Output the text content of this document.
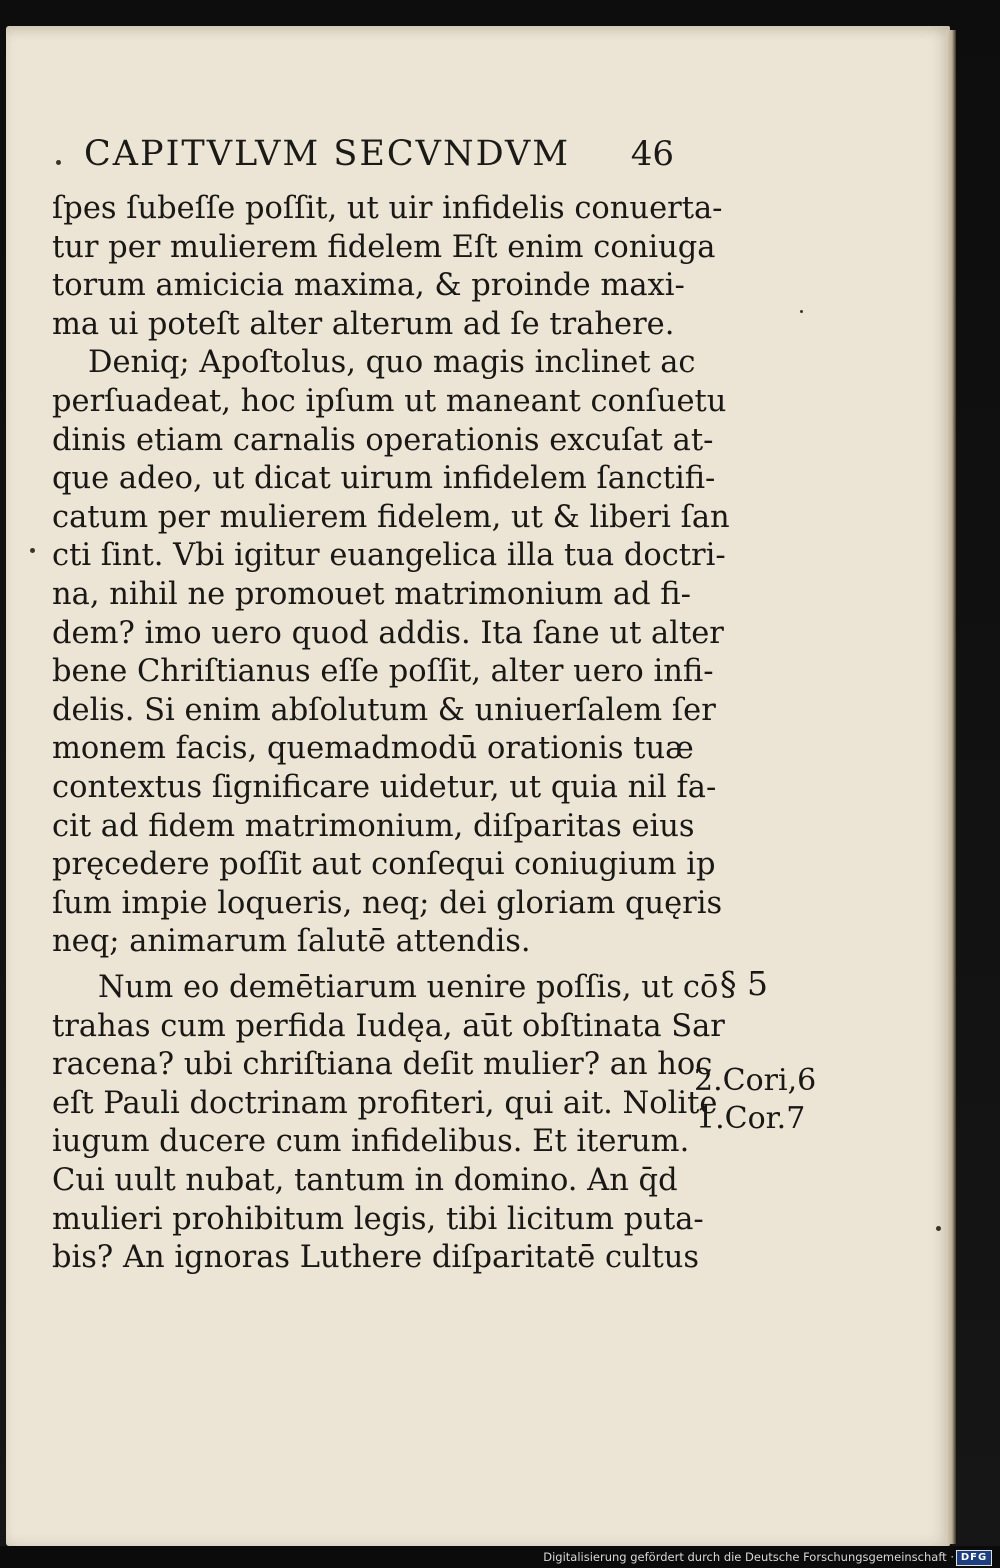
CAPITVLVM SECVNDVM 46
ſpes ſubeſſe poſſit, ut uir infidelis conuerta-
tur per mulierem fidelem Eſt enim coniuga
torum amicicia maxima, & proinde maxi-
ma ui poteſt alter alterum ad ſe trahere.
Deniq; Apoſtolus, quo magis inclinet ac
perſuadeat, hoc ipſum ut maneant conſuetu
dinis etiam carnalis operationis excuſat at-
que adeo, ut dicat uirum infidelem ſanctifi-
catum per mulierem fidelem, ut & liberi ſan
cti ſint. Vbi igitur euangelica illa tua doctri-
na, nihil ne promouet matrimonium ad fi-
dem? imo uero quod addis. Ita ſane ut alter
bene Chriſtianus eſſe poſſit, alter uero infi-
delis. Si enim abſolutum & uniuerſalem ſer
monem facis, quemadmodū orationis tuæ
contextus ſignificare uidetur, ut quia nil fa-
cit ad fidem matrimonium, diſparitas eius
pręcedere poſſit aut conſequi coniugium ip
ſum impie loqueris, neq; dei gloriam quęris
neq; animarum ſalutē attendis.
Num eo demētiarum uenire poſſis, ut cō
trahas cum perfida Iudęa, aūt obſtinata Sar
racena? ubi chriſtiana deſit mulier? an hoc
eſt Pauli doctrinam profiteri, qui ait. Nolite
iugum ducere cum infidelibus. Et iterum.
Cui uult nubat, tantum in domino. An q̄d
mulieri prohibitum legis, tibi licitum puta-
bis? An ignoras Luthere diſparitatē cultus
§ 5
2.Cori,6
1.Cor.7
Digitalisierung gefördert durch die Deutsche Forschungsgemeinschaft · DFG
